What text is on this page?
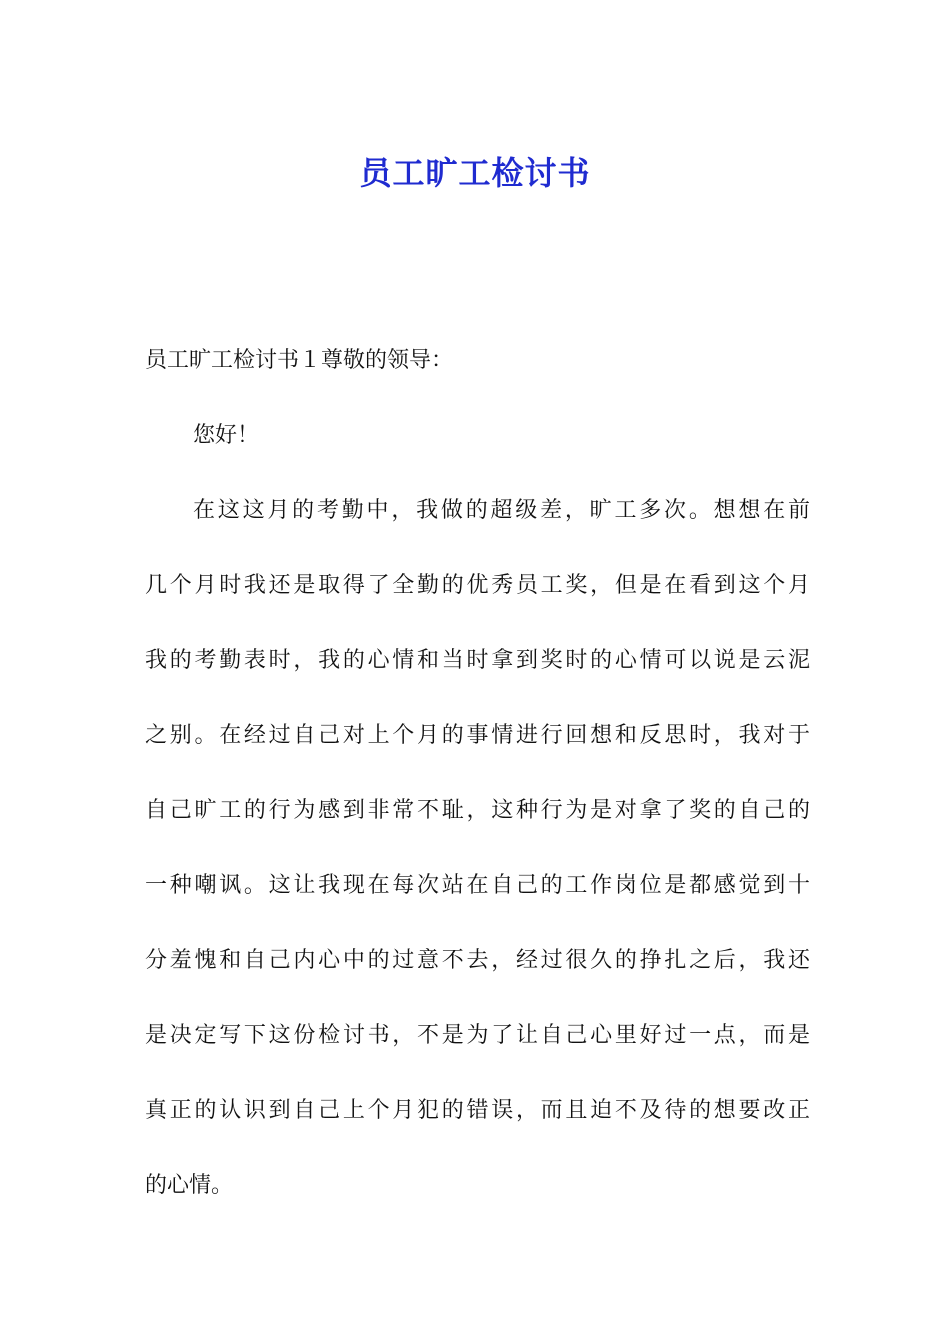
员工旷工检讨书

员工旷工检讨书１尊敬的领导：

您好！

在这这月的考勤中，我做的超级差，旷工多次。想想在前

几个月时我还是取得了全勤的优秀员工奖，但是在看到这个月

我的考勤表时，我的心情和当时拿到奖时的心情可以说是云泥

之别。在经过自己对上个月的事情进行回想和反思时，我对于

自己旷工的行为感到非常不耻，这种行为是对拿了奖的自己的

一种嘲讽。这让我现在每次站在自己的工作岗位是都感觉到十

分羞愧和自己内心中的过意不去，经过很久的挣扎之后，我还

是决定写下这份检讨书，不是为了让自己心里好过一点，而是

真正的认识到自己上个月犯的错误，而且迫不及待的想要改正

的心情。
